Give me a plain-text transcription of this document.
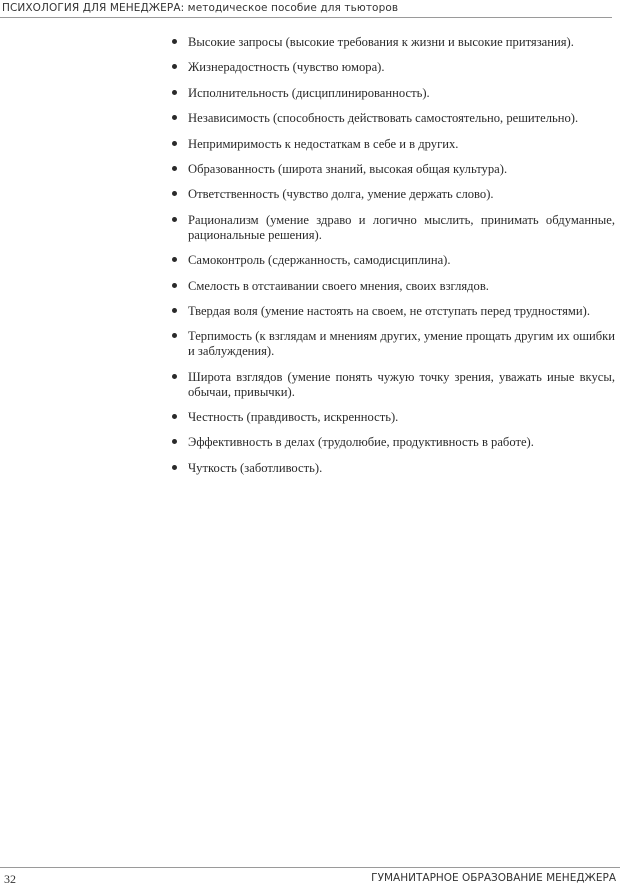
ПСИХОЛОГИЯ ДЛЯ МЕНЕДЖЕРА: методическое пособие для тьюторов
Высокие запросы (высокие требования к жизни и высокие притязания).
Жизнерадостность (чувство юмора).
Исполнительность (дисциплинированность).
Независимость (способность действовать самостоятельно, решительно).
Непримиримость к недостаткам в себе и в других.
Образованность (широта знаний, высокая общая культура).
Ответственность (чувство долга, умение держать слово).
Рационализм (умение здраво и логично мыслить, принимать обдуманные, рациональные решения).
Самоконтроль (сдержанность, самодисциплина).
Смелость в отстаивании своего мнения, своих взглядов.
Твердая воля (умение настоять на своем, не отступать перед трудностями).
Терпимость (к взглядам и мнениям других, умение прощать другим их ошибки и заблуждения).
Широта взглядов (умение понять чужую точку зрения, уважать иные вкусы, обычаи, привычки).
Честность (правдивость, искренность).
Эффективность в делах (трудолюбие, продуктивность в работе).
Чуткость (заботливость).
32	ГУМАНИТАРНОЕ ОБРАЗОВАНИЕ МЕНЕДЖЕРА
